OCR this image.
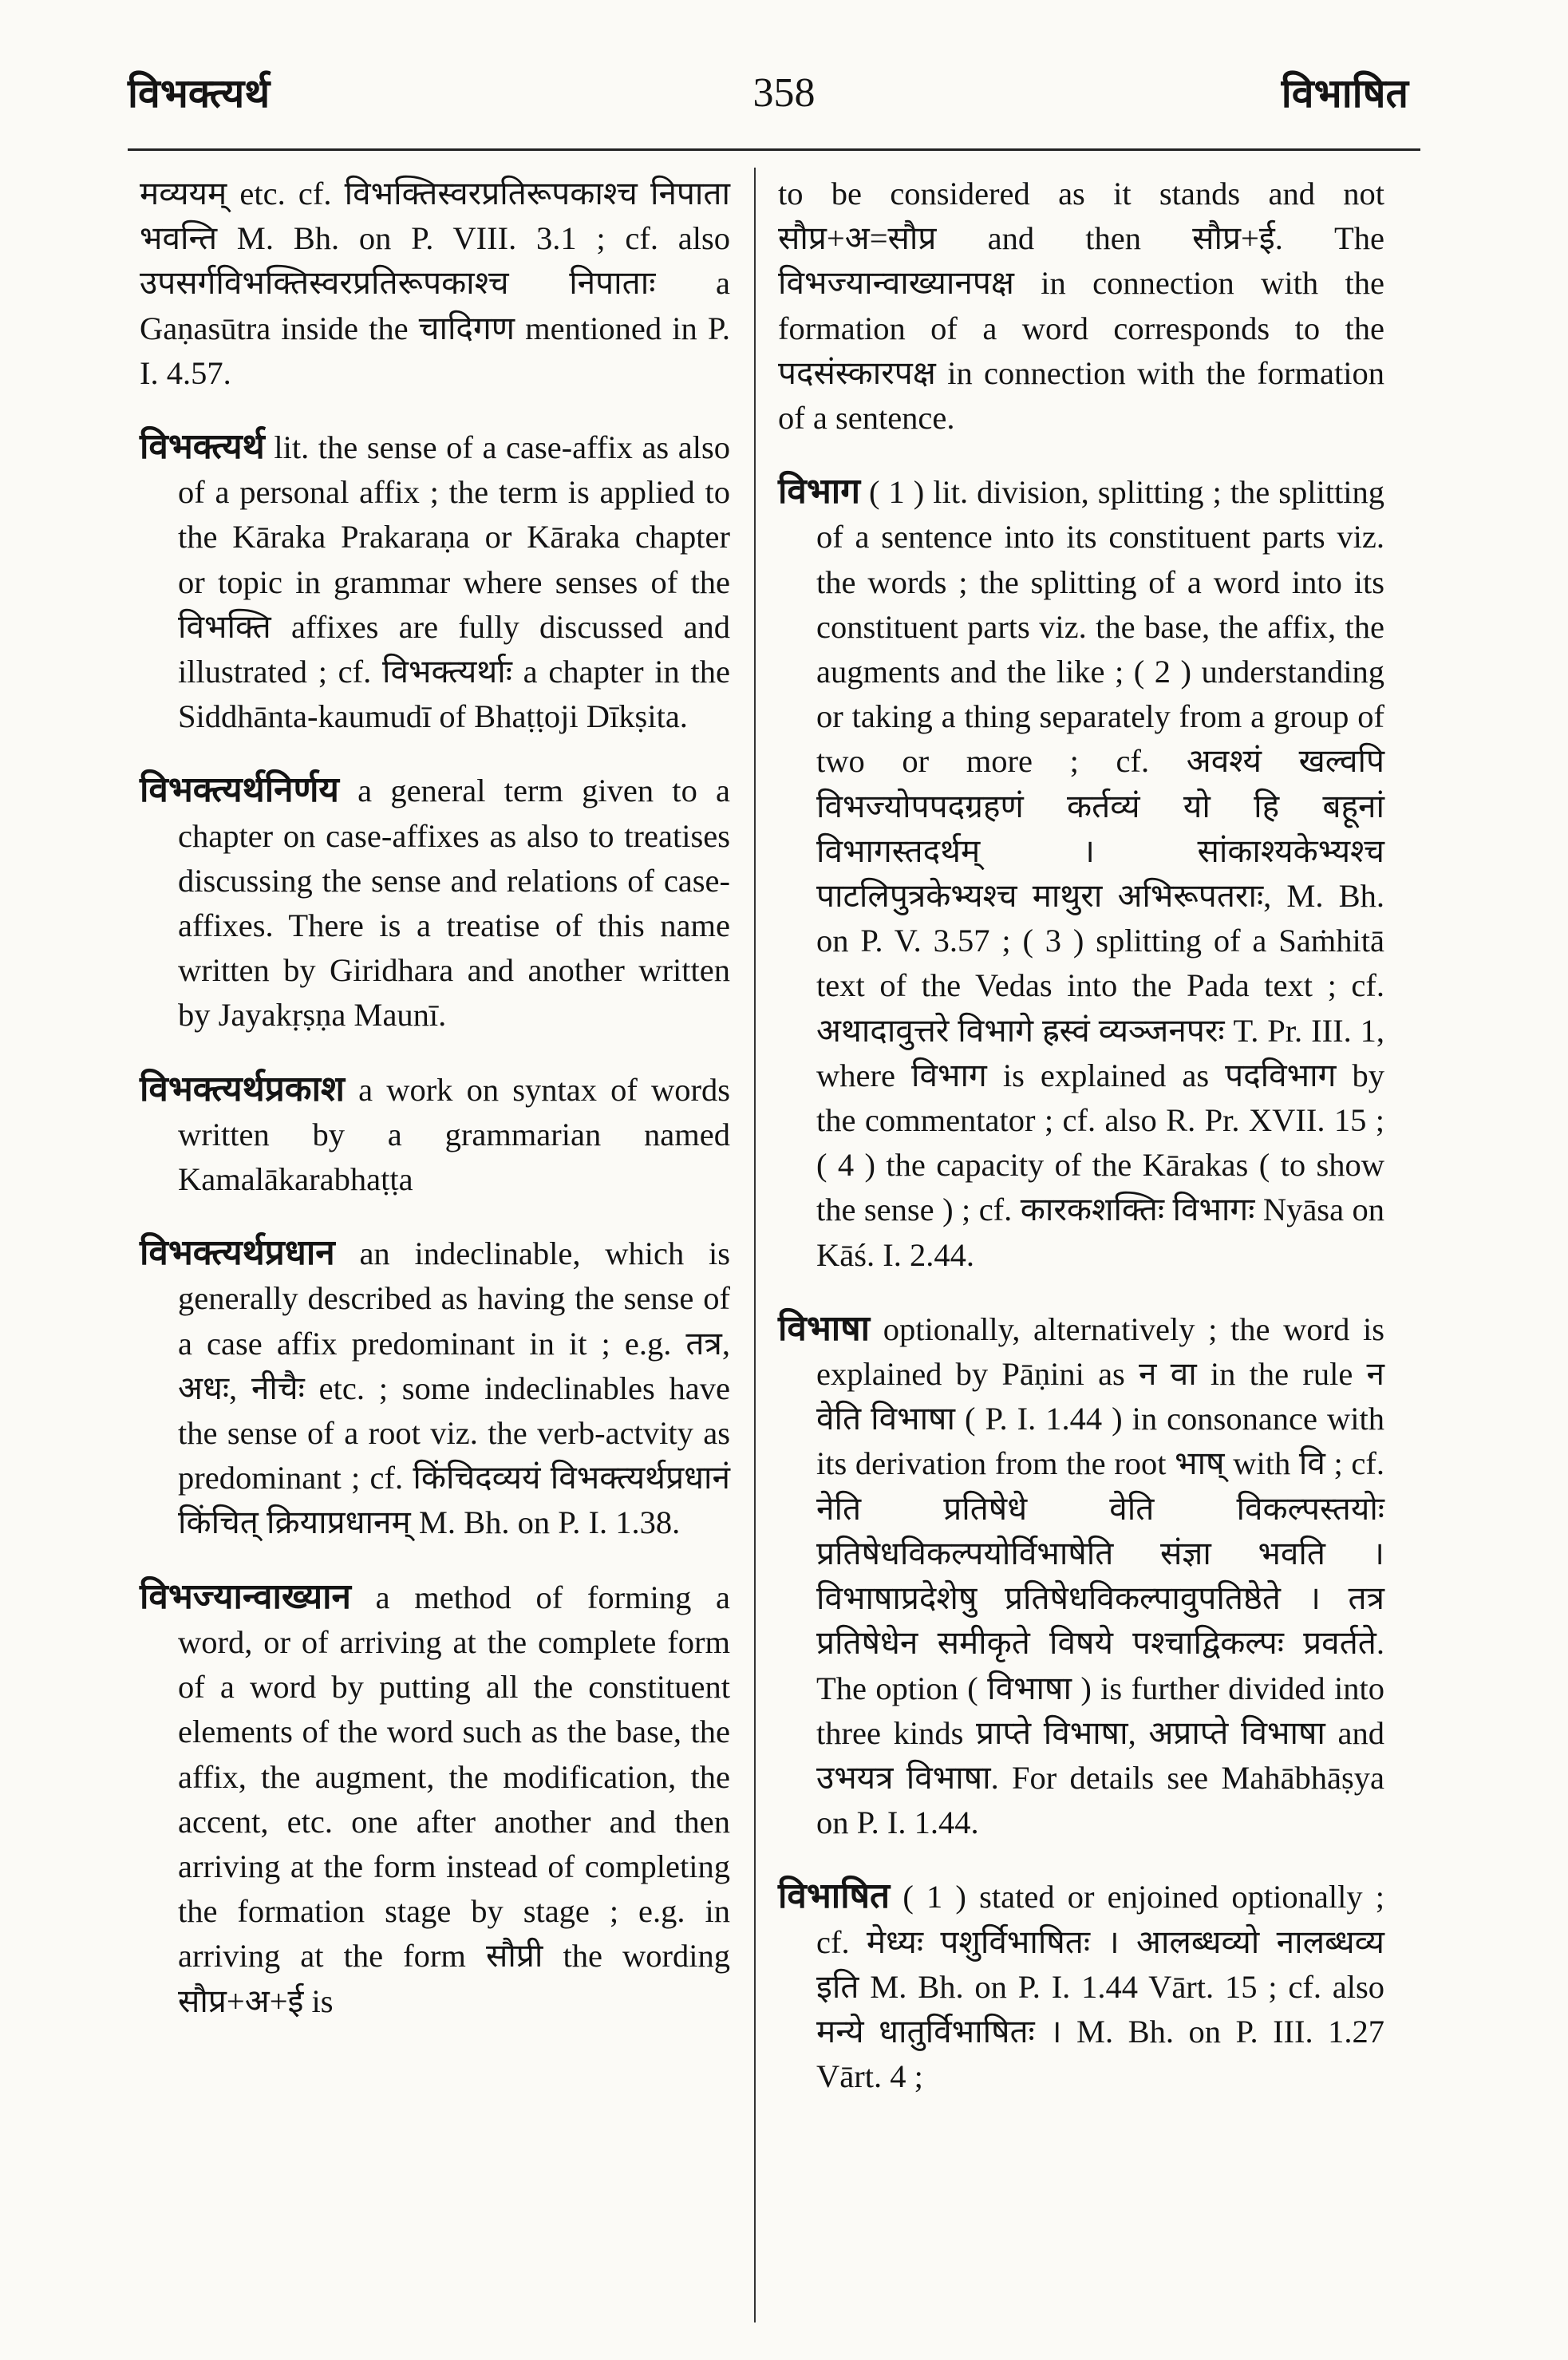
विभक्त्यर्थ	358	विभाषित

मव्ययम् etc. cf. विभक्तिस्वरप्रतिरूपकाश्च निपाता भवन्ति M. Bh. on P. VIII. 3.1 ; cf. also उपसर्गविभक्तिस्वरप्रतिरूपकाश्च निपाताः a Gaṇasūtra inside the चादिगण mentioned in P. I. 4.57.

विभक्त्यर्थ lit. the sense of a case-affix as also of a personal affix ; the term is applied to the Kāraka Prakaraṇa or Kāraka chapter or topic in grammar where senses of the विभक्ति affixes are fully discussed and illustrated ; cf. विभक्त्यर्थाः a chapter in the Siddhānta-kaumudī of Bhaṭṭoji Dīkṣita.

विभक्त्यर्थनिर्णय a general term given to a chapter on case-affixes as also to treatises discussing the sense and relations of case-affixes. There is a treatise of this name written by Giridhara and another written by Jayakṛṣṇa Maunī.

विभक्त्यर्थप्रकाश a work on syntax of words written by a grammarian named Kamalākarabhaṭṭa

विभक्त्यर्थप्रधान an indeclinable, which is generally described as having the sense of a case affix predominant in it ; e.g. तत्र, अधः, नीचैः etc. ; some indeclinables have the sense of a root viz. the verb-actvity as predominant ; cf. किंचिदव्ययं विभक्त्यर्थप्रधानं किंचित् क्रियाप्रधानम् M. Bh. on P. I. 1.38.

विभज्यान्वाख्यान a method of forming a word, or of arriving at the complete form of a word by putting all the constituent elements of the word such as the base, the affix, the augment, the modification, the accent, etc. one after another and then arriving at the form instead of completing the formation stage by stage ; e.g. in arriving at the form सौप्री the wording सौप्र+अ+ई is

to be considered as it stands and not सौप्र+अ=सौप्र and then सौप्र+ई. The विभज्यान्वाख्यानपक्ष in connection with the formation of a word corresponds to the पदसंस्कारपक्ष in connection with the formation of a sentence.

विभाग ( 1 ) lit. division, splitting ; the splitting of a sentence into its constituent parts viz. the words ; the splitting of a word into its constituent parts viz. the base, the affix, the augments and the like ; ( 2 ) understanding or taking a thing separately from a group of two or more ; cf. अवश्यं खल्वपि विभज्योपपदग्रहणं कर्तव्यं यो हि बहूनां विभागस्तदर्थम् । सांकाश्यकेभ्यश्च पाटलिपुत्रकेभ्यश्च माथुरा अभिरूपतराः, M. Bh. on P. V. 3.57 ; ( 3 ) splitting of a Saṁhitā text of the Vedas into the Pada text ; cf. अथादावुत्तरे विभागे ह्रस्वं व्यञ्जनपरः T. Pr. III. 1, where विभाग is explained as पदविभाग by the commentator ; cf. also R. Pr. XVII. 15 ; ( 4 ) the capacity of the Kārakas ( to show the sense ) ; cf. कारकशक्तिः विभागः Nyāsa on Kāś. I. 2.44.

विभाषा optionally, alternatively ; the word is explained by Pāṇini as न वा in the rule न वेति विभाषा ( P. I. 1.44 ) in consonance with its derivation from the root भाष् with वि ; cf. नेति प्रतिषेधे वेति विकल्पस्तयोः प्रतिषेधविकल्पयोर्विभाषेति संज्ञा भवति । विभाषाप्रदेशेषु प्रतिषेधविकल्पावुपतिष्ठेते । तत्र प्रतिषेधेन समीकृते विषये पश्चाद्विकल्पः प्रवर्तते. The option ( विभाषा ) is further divided into three kinds प्राप्ते विभाषा, अप्राप्ते विभाषा and उभयत्र विभाषा. For details see Mahābhāṣya on P. I. 1.44.

विभाषित ( 1 ) stated or enjoined optionally ; cf. मेध्यः पशुर्विभाषितः । आलब्धव्यो नालब्धव्य इति M. Bh. on P. I. 1.44 Vārt. 15 ; cf. also मन्ये धातुर्विभाषितः । M. Bh. on P. III. 1.27 Vārt. 4 ;
